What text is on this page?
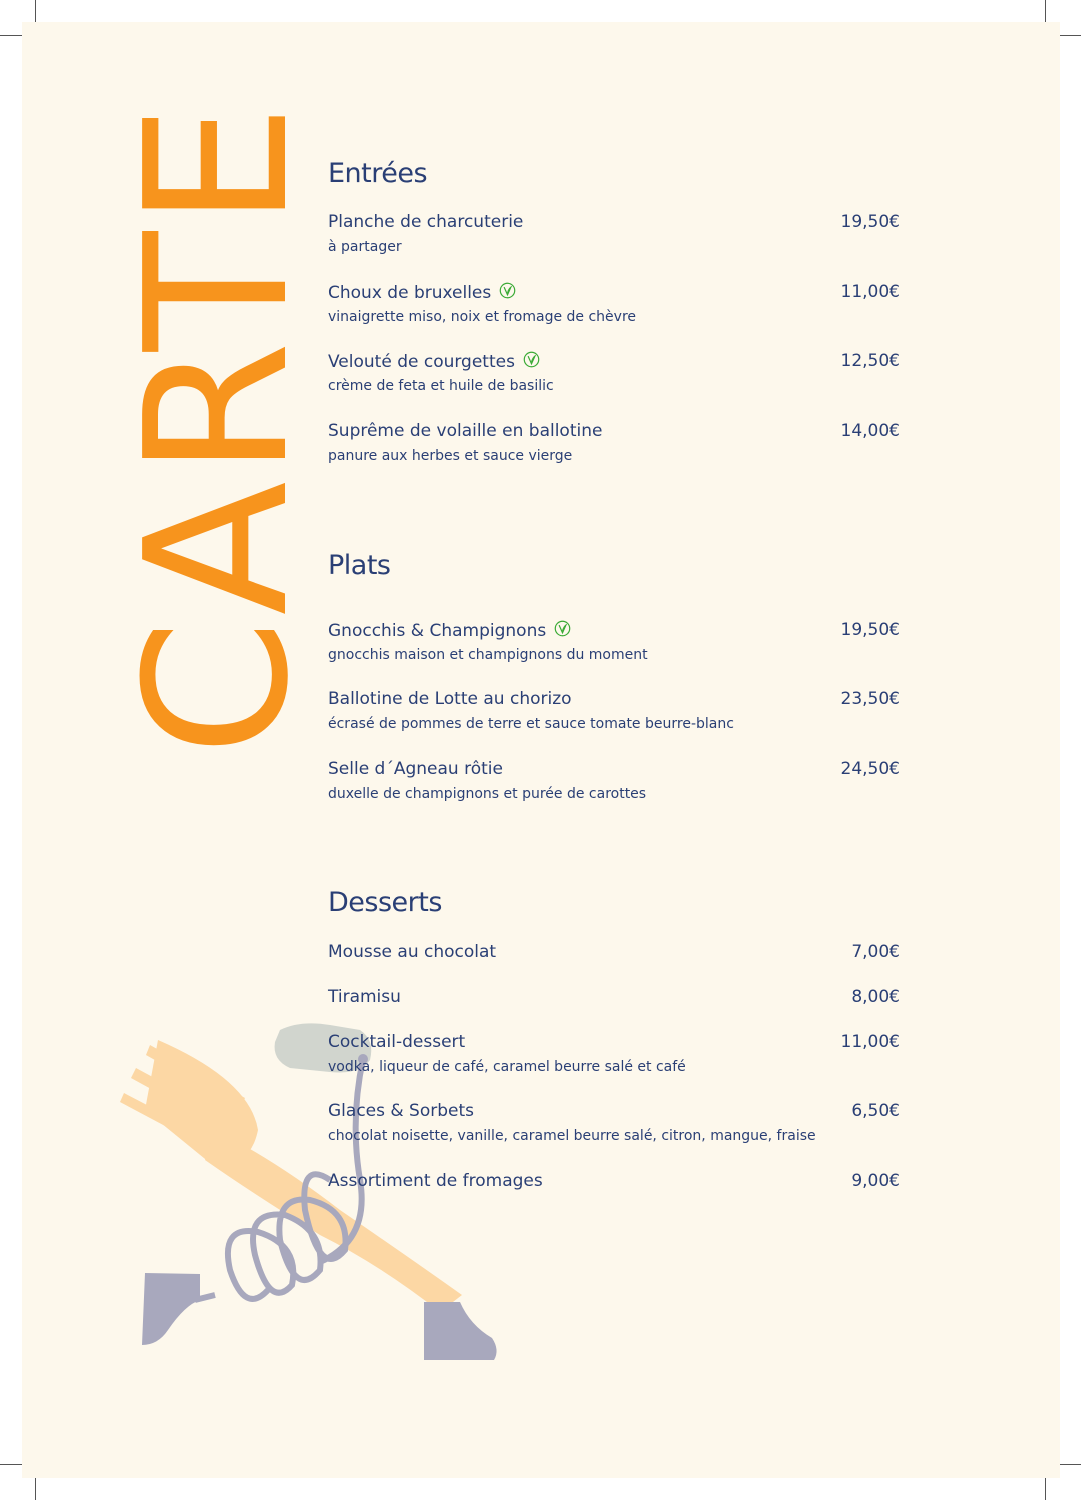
CARTE
Entrées
Planche de charcuterie	19,50€
à partager
Choux de bruxelles	11,00€
vinaigrette miso, noix et fromage de chèvre
Velouté de courgettes	12,50€
crème de feta et huile de basilic
Suprême de volaille en ballotine	14,00€
panure aux herbes et sauce vierge
Plats
Gnocchis & Champignons	19,50€
gnocchis maison et champignons du moment
Ballotine de Lotte au chorizo	23,50€
écrasé de pommes de terre et sauce tomate beurre-blanc
Selle d´Agneau rôtie	24,50€
duxelle de champignons et purée de carottes
Desserts
Mousse au chocolat	7,00€
Tiramisu	8,00€
Cocktail-dessert	11,00€
vodka, liqueur de café, caramel beurre salé et café
Glaces & Sorbets	6,50€
chocolat noisette, vanille, caramel beurre salé, citron, mangue, fraise
Assortiment de fromages	9,00€
